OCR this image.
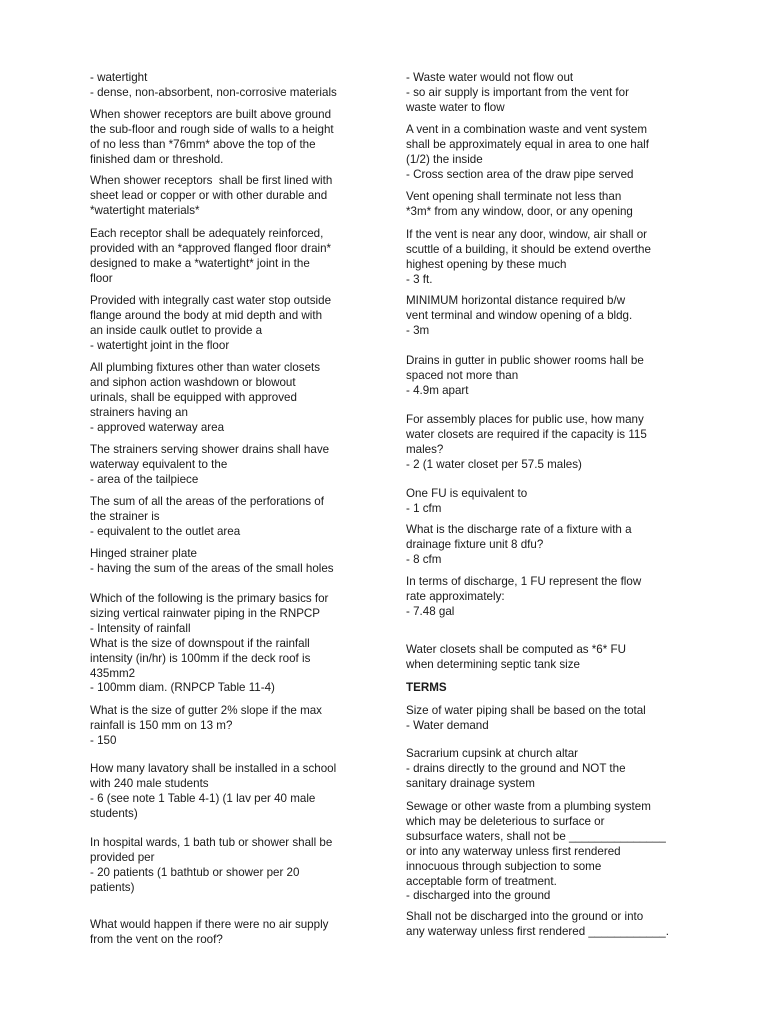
- watertight
- dense, non-absorbent, non-corrosive materials

When shower receptors are built above ground
the sub-floor and rough side of walls to a height
of no less than *76mm* above the top of the
finished dam or threshold.

When shower receptors  shall be first lined with
sheet lead or copper or with other durable and
*watertight materials*

Each receptor shall be adequately reinforced,
provided with an *approved flanged floor drain*
designed to make a *watertight* joint in the
floor

Provided with integrally cast water stop outside
flange around the body at mid depth and with
an inside caulk outlet to provide a
- watertight joint in the floor

All plumbing fixtures other than water closets
and siphon action washdown or blowout
urinals, shall be equipped with approved
strainers having an
- approved waterway area

The strainers serving shower drains shall have
waterway equivalent to the
- area of the tailpiece

The sum of all the areas of the perforations of
the strainer is
- equivalent to the outlet area

Hinged strainer plate
- having the sum of the areas of the small holes

Which of the following is the primary basics for
sizing vertical rainwater piping in the RNPCP
- Intensity of rainfall
What is the size of downspout if the rainfall
intensity (in/hr) is 100mm if the deck roof is
435mm2
- 100mm diam. (RNPCP Table 11-4)

What is the size of gutter 2% slope if the max
rainfall is 150 mm on 13 m?
- 150

How many lavatory shall be installed in a school
with 240 male students
- 6 (see note 1 Table 4-1) (1 lav per 40 male
students)

In hospital wards, 1 bath tub or shower shall be
provided per
- 20 patients (1 bathtub or shower per 20
patients)

What would happen if there were no air supply
from the vent on the roof?

- Waste water would not flow out
- so air supply is important from the vent for
waste water to flow

A vent in a combination waste and vent system
shall be approximately equal in area to one half
(1/2) the inside
- Cross section area of the draw pipe served

Vent opening shall terminate not less than
*3m* from any window, door, or any opening

If the vent is near any door, window, air shall or
scuttle of a building, it should be extend overthe
highest opening by these much
- 3 ft.

MINIMUM horizontal distance required b/w
vent terminal and window opening of a bldg.
- 3m

Drains in gutter in public shower rooms hall be
spaced not more than
- 4.9m apart

For assembly places for public use, how many
water closets are required if the capacity is 115
males?
- 2 (1 water closet per 57.5 males)

One FU is equivalent to
- 1 cfm

What is the discharge rate of a fixture with a
drainage fixture unit 8 dfu?
- 8 cfm

In terms of discharge, 1 FU represent the flow
rate approximately:
- 7.48 gal

Water closets shall be computed as *6* FU
when determining septic tank size

TERMS

Size of water piping shall be based on the total
- Water demand

Sacrarium cupsink at church altar
- drains directly to the ground and NOT the
sanitary drainage system

Sewage or other waste from a plumbing system
which may be deleterious to surface or
subsurface waters, shall not be _______________
or into any waterway unless first rendered
innocuous through subjection to some
acceptable form of treatment.
- discharged into the ground

Shall not be discharged into the ground or into
any waterway unless first rendered ____________.
